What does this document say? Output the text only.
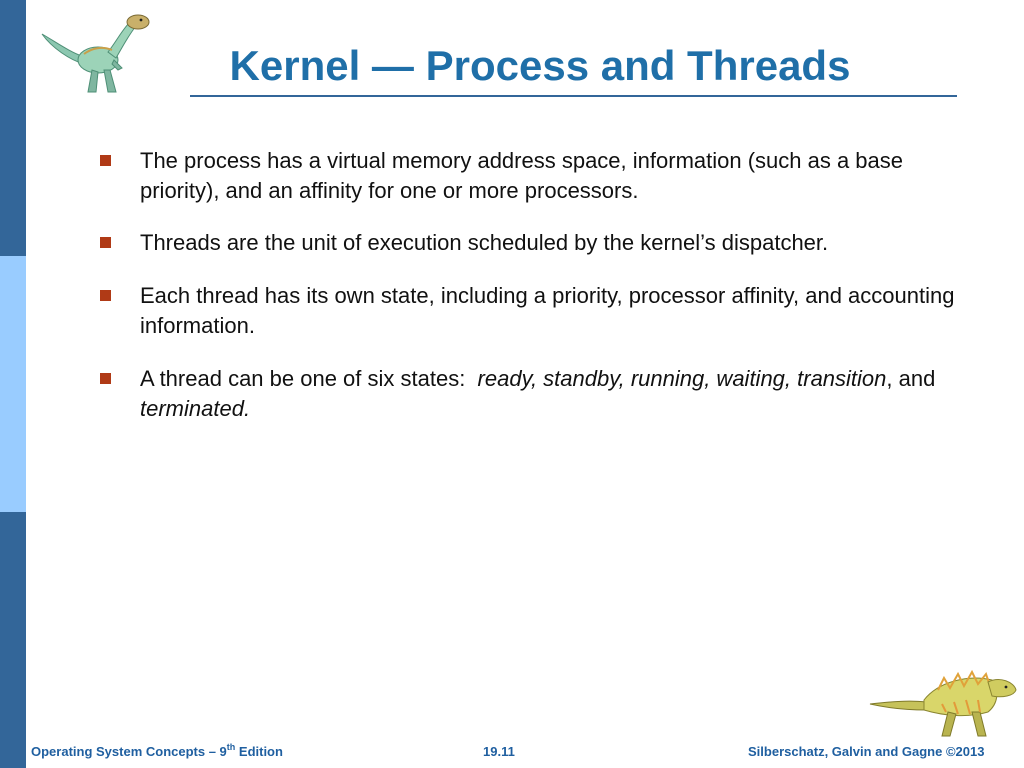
Kernel — Process and Threads
The process has a virtual memory address space, information (such as a base priority), and an affinity for one or more processors.
Threads are the unit of execution scheduled by the kernel’s dispatcher.
Each thread has its own state, including a priority, processor affinity, and accounting information.
A thread can be one of six states:  ready, standby, running, waiting, transition, and terminated.
Operating System Concepts – 9th Edition	19.11	Silberschatz, Galvin and Gagne ©2013
